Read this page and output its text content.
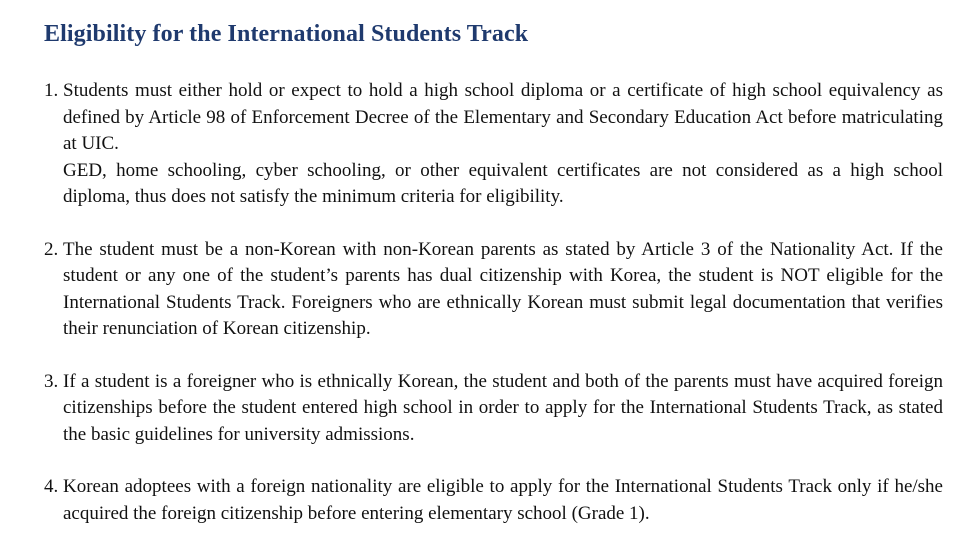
Eligibility for the International Students Track
1. Students must either hold or expect to hold a high school diploma or a certificate of high school equivalency as defined by Article 98 of Enforcement Decree of the Elementary and Secondary Education Act before matriculating at UIC.
GED, home schooling, cyber schooling, or other equivalent certificates are not considered as a high school diploma, thus does not satisfy the minimum criteria for eligibility.
2. The student must be a non-Korean with non-Korean parents as stated by Article 3 of the Nationality Act. If the student or any one of the student’s parents has dual citizenship with Korea, the student is NOT eligible for the International Students Track. Foreigners who are ethnically Korean must submit legal documentation that verifies their renunciation of Korean citizenship.
3. If a student is a foreigner who is ethnically Korean, the student and both of the parents must have acquired foreign citizenships before the student entered high school in order to apply for the International Students Track, as stated the basic guidelines for university admissions.
4. Korean adoptees with a foreign nationality are eligible to apply for the International Students Track only if he/she acquired the foreign citizenship before entering elementary school (Grade 1).
